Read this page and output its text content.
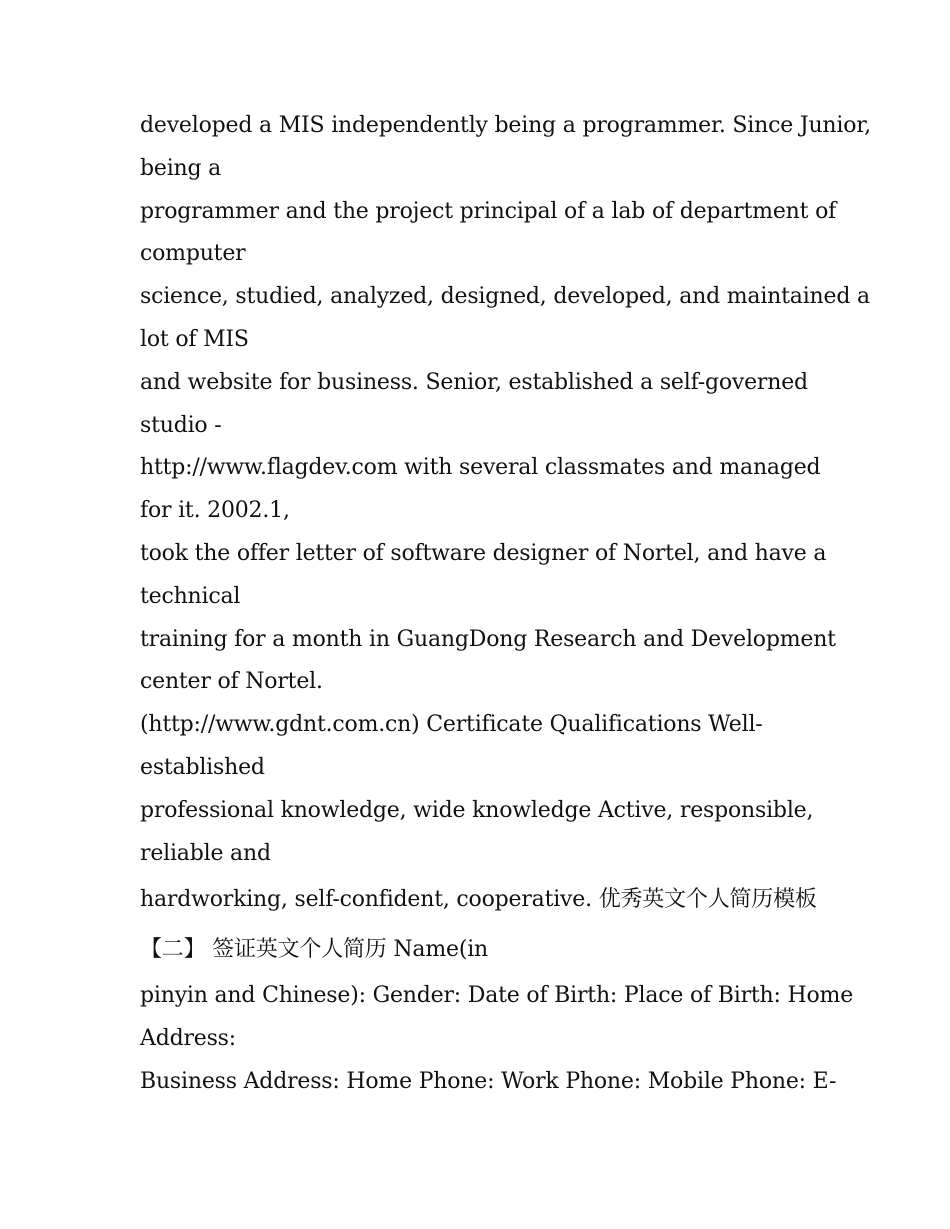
developed a MIS independently being a programmer. Since Junior,
being a
programmer and the project principal of a lab of department of
computer
science, studied, analyzed, designed, developed, and maintained a
lot of MIS
and website for business. Senior, established a self-governed
studio -
http://www.flagdev.com with several classmates and managed
for it. 2002.1,
took the offer letter of software designer of Nortel, and have a
technical
training for a month in GuangDong Research and Development
center of Nortel.
(http://www.gdnt.com.cn) Certificate Qualifications Well-
established
professional knowledge, wide knowledge Active, responsible,
reliable and
hardworking, self-confident, cooperative. 优秀英文个人简历模板
【二】 签证英文个人简历 Name(in
pinyin and Chinese): Gender: Date of Birth: Place of Birth: Home
Address:
Business Address: Home Phone: Work Phone: Mobile Phone: E-
